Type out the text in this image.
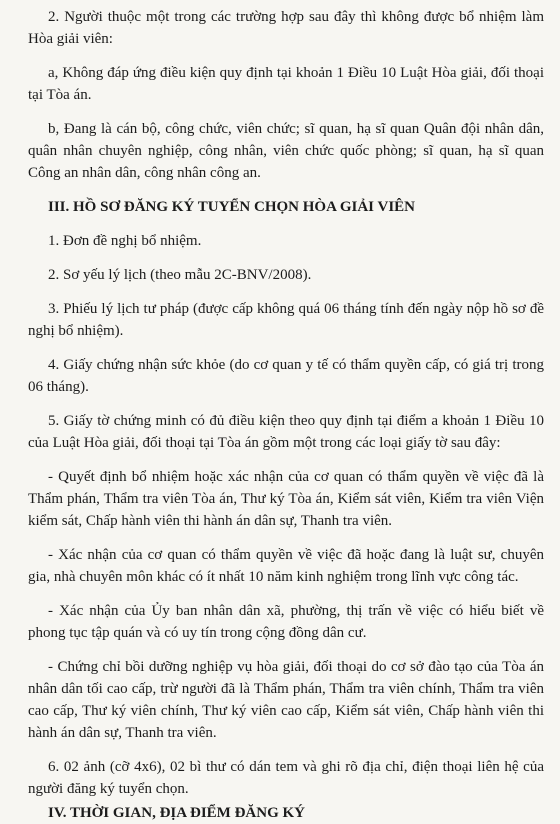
2. Người thuộc một trong các trường hợp sau đây thì không được bổ nhiệm làm Hòa giải viên:

a, Không đáp ứng điều kiện quy định tại khoản 1 Điều 10 Luật Hòa giải, đối thoại tại Tòa án.

b, Đang là cán bộ, công chức, viên chức; sĩ quan, hạ sĩ quan Quân đội nhân dân, quân nhân chuyên nghiệp, công nhân, viên chức quốc phòng; sĩ quan, hạ sĩ quan Công an nhân dân, công nhân công an.

III. HỒ SƠ ĐĂNG KÝ TUYỂN CHỌN HÒA GIẢI VIÊN

1. Đơn đề nghị bổ nhiệm.

2. Sơ yếu lý lịch (theo mẫu 2C-BNV/2008).

3. Phiếu lý lịch tư pháp (được cấp không quá 06 tháng tính đến ngày nộp hồ sơ đề nghị bổ nhiệm).

4. Giấy chứng nhận sức khỏe (do cơ quan y tế có thẩm quyền cấp, có giá trị trong 06 tháng).

5. Giấy tờ chứng minh có đủ điều kiện theo quy định tại điểm a khoản 1 Điều 10 của Luật Hòa giải, đối thoại tại Tòa án gồm một trong các loại giấy tờ sau đây:

- Quyết định bổ nhiệm hoặc xác nhận của cơ quan có thẩm quyền về việc đã là Thẩm phán, Thẩm tra viên Tòa án, Thư ký Tòa án, Kiểm sát viên, Kiểm tra viên Viện kiểm sát, Chấp hành viên thi hành án dân sự, Thanh tra viên.

- Xác nhận của cơ quan có thẩm quyền về việc đã hoặc đang là luật sư, chuyên gia, nhà chuyên môn khác có ít nhất 10 năm kinh nghiệm trong lĩnh vực công tác.

- Xác nhận của Ủy ban nhân dân xã, phường, thị trấn về việc có hiểu biết về phong tục tập quán và có uy tín trong cộng đồng dân cư.

- Chứng chỉ bồi dưỡng nghiệp vụ hòa giải, đối thoại do cơ sở đào tạo của Tòa án nhân dân tối cao cấp, trừ người đã là Thẩm phán, Thẩm tra viên chính, Thẩm tra viên cao cấp, Thư ký viên chính, Thư ký viên cao cấp, Kiểm sát viên, Chấp hành viên thi hành án dân sự, Thanh tra viên.

6. 02 ảnh (cỡ 4x6), 02 bì thư có dán tem và ghi rõ địa chỉ, điện thoại liên hệ của người đăng ký tuyển chọn.

IV. THỜI GIAN, ĐỊA ĐIỂM ĐĂNG KÝ
